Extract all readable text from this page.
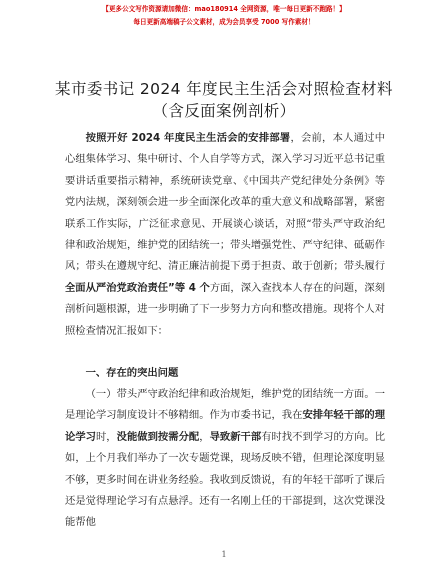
【更多公文写作资源请加微信：mao180914 全网资源，唯一每日更新不跑路！】
每日更新高端稿子公文素材，成为会员享受 7000 写作素材！
某市委书记 2024 年度民主生活会对照检查材料
（含反面案例剖析）

按照开好 2024 年度民主生活会的安排部署，会前，本人通过中心组集体学习、集中研讨、个人自学等方式，深入学习习近平总书记重要讲话重要指示精神，系统研读党章、《中国共产党纪律处分条例》等党内法规，深刻领会进一步全面深化改革的重大意义和战略部署，紧密联系工作实际，广泛征求意见、开展谈心谈话，对照“带头严守政治纪律和政治规矩，维护党的团结统一；带头增强党性、严守纪律、砥砺作风；带头在遵规守纪、清正廉洁前提下勇于担责、敢于创新；带头履行全面从严治党政治责任”等 4 个方面，深入查找本人存在的问题，深刻剖析问题根源，进一步明确了下一步努力方向和整改措施。现将个人对照检查情况汇报如下：

一、存在的突出问题

（一）带头严守政治纪律和政治规矩，维护党的团结统一方面。一是理论学习制度设计不够精细。作为市委书记，我在安排年轻干部的理论学习时，没能做到按需分配，导致新干部有时找不到学习的方向。比如，上个月我们举办了一次专题党课，现场反映不错，但理论深度明显不够，更多时间在讲业务经验。我收到反馈说，有的年轻干部听了课后还是觉得理论学习有点悬浮。还有一名刚上任的干部提到，这次党课没能帮他

1
